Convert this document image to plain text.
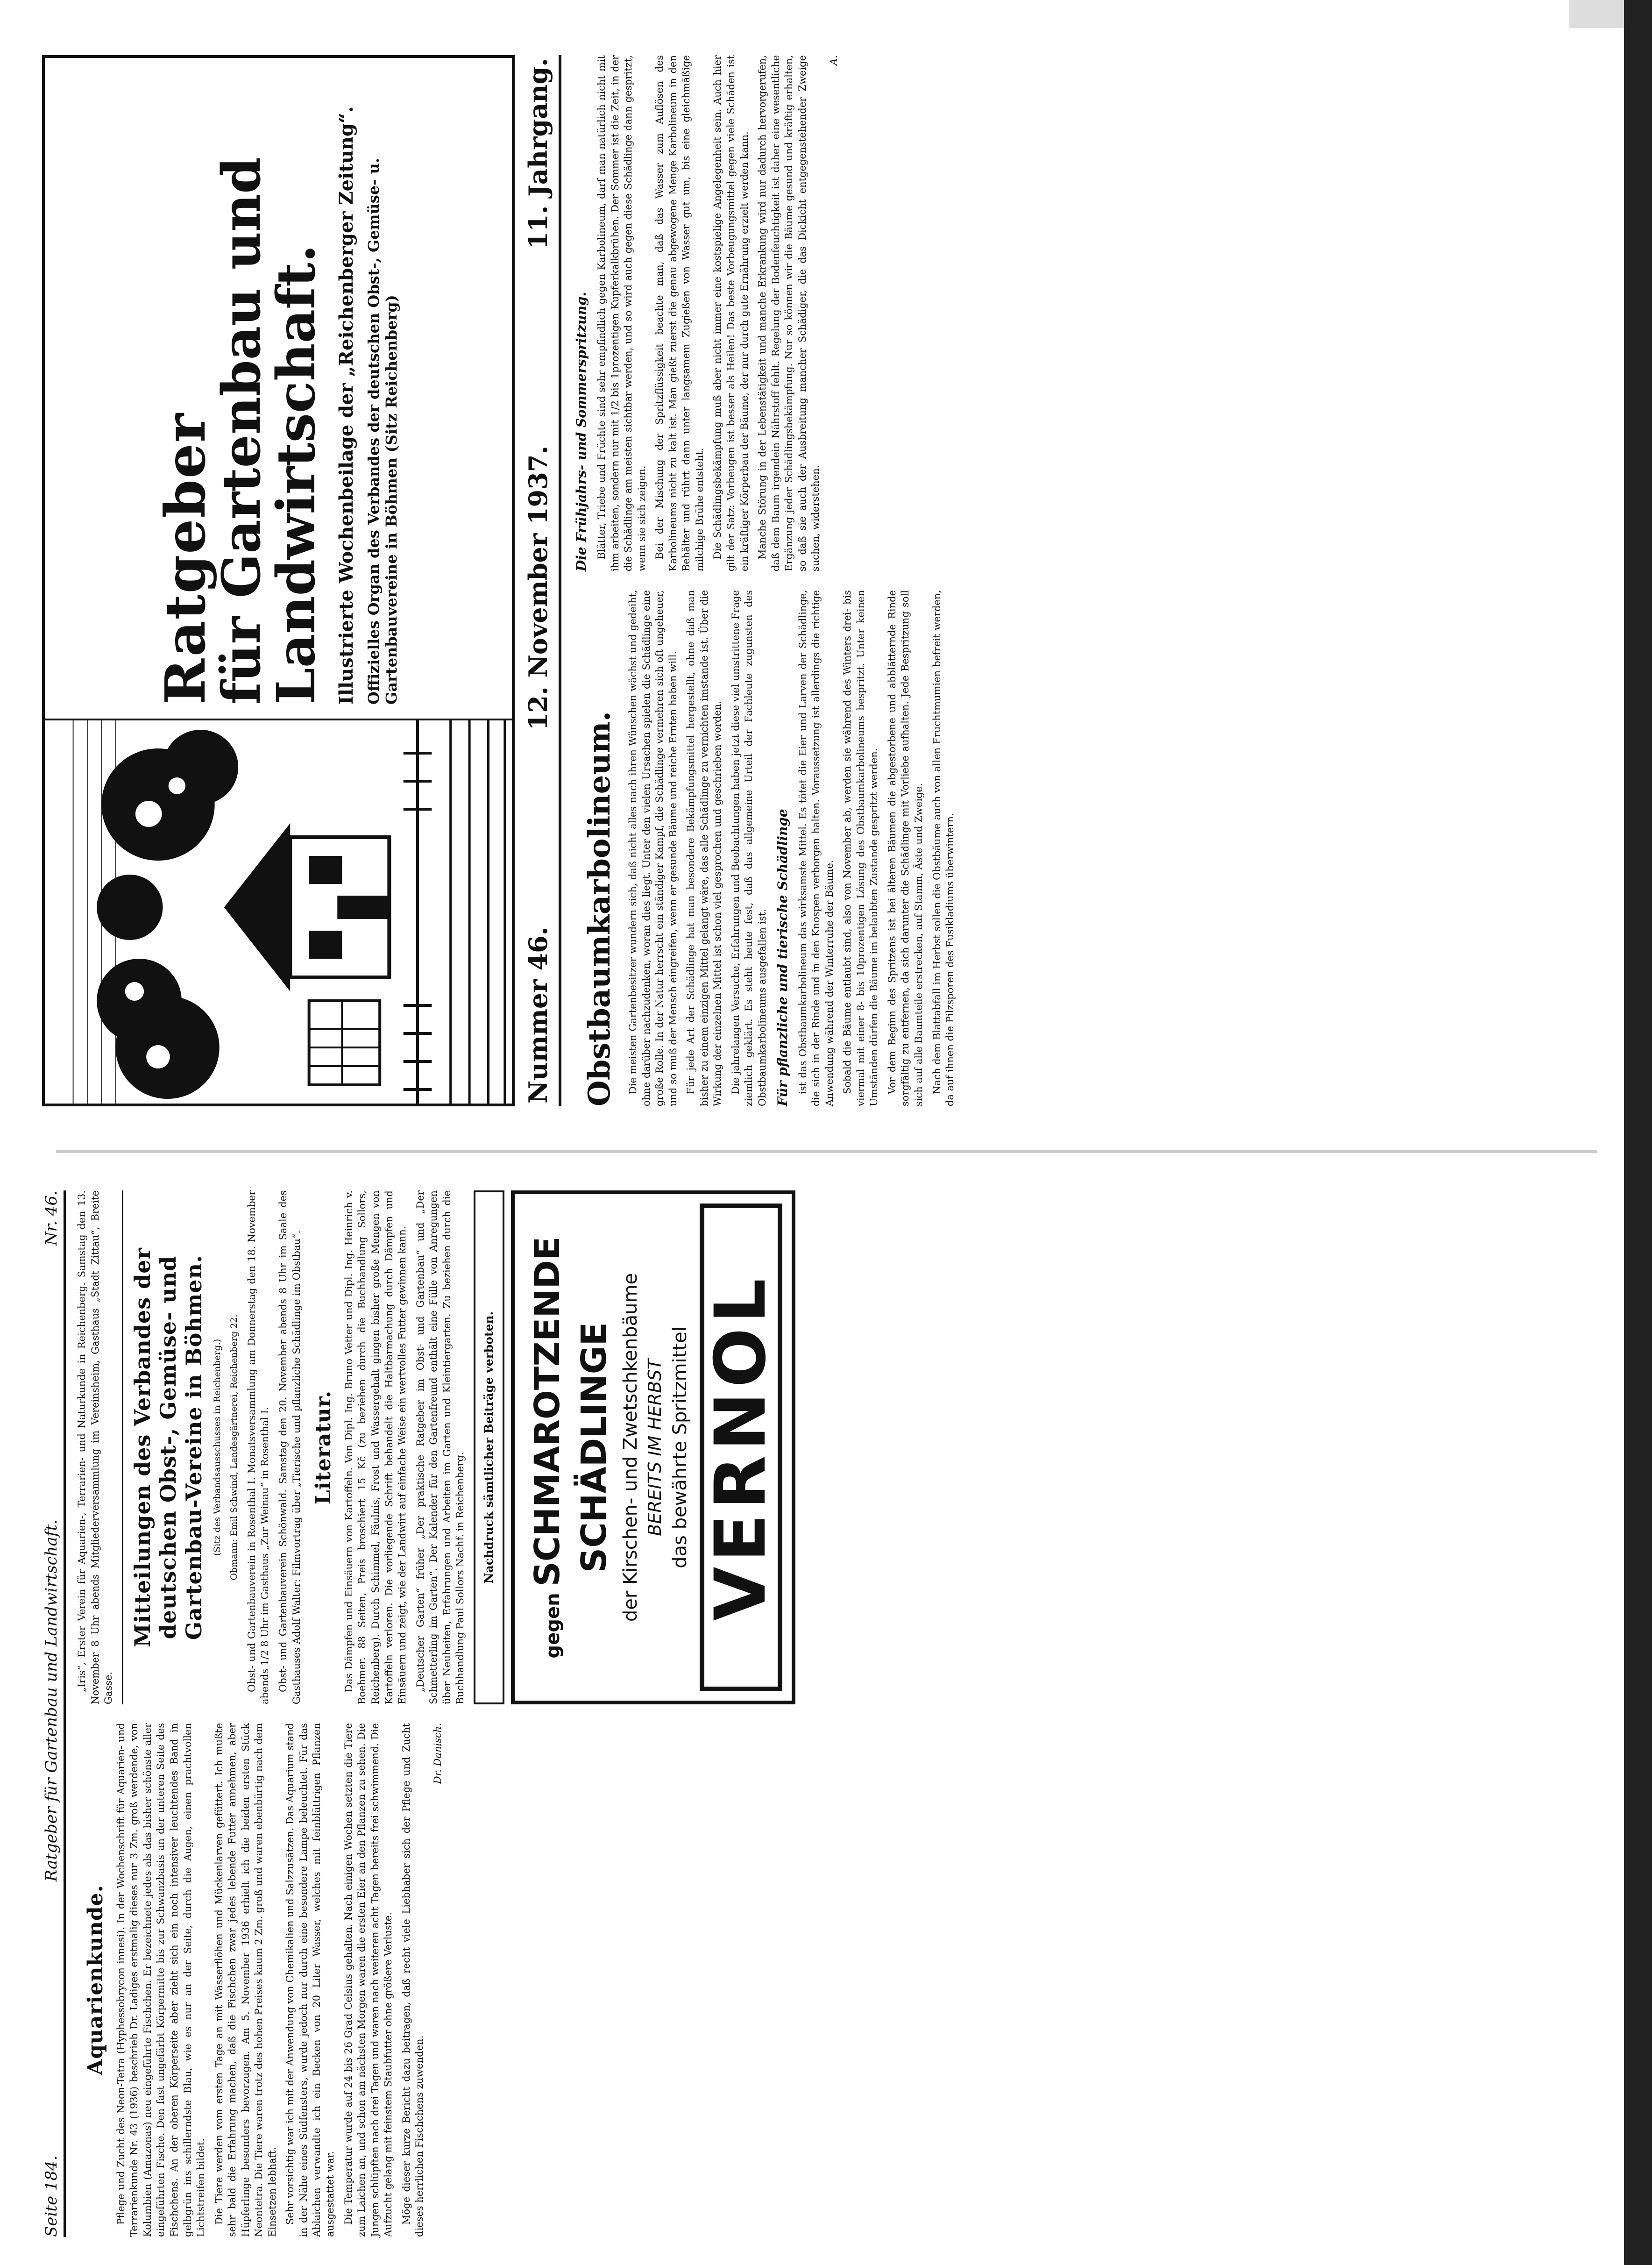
Seite 184.
Ratgeber für Gartenbau und Landwirtschaft.
Nr. 46.
Aquarienkunde. Pflege und Zucht des Neon-Tetra (Hyphessobrycon innesi). In der Wochenschrift für Aquarien- und Terrarienkunde Nr. 43 (1936) beschrieb Dr. Ladiges erstmalig dieses nur 3 Zm. groß werdende, von Kolumbien (Amazonas) neu eingeführte Fischchen. Er bezeichnete jedes als das bisher schönste aller eingeführten Fische. Den fast ungefärbt Körpermitte bis zur Schwanzbasis an der unteren Seite des Fischchens. An der oberen Körperseite aber zieht sich ein noch intensiver leuchtendes Band in gelbgrün ins schillerndste Blau, wie es nur an der Seite, durch die Augen, einen prachtvollen Lichtstreifen bildet. Die Tiere werden vom ersten Tage an mit Wasserflöhen und Mückenlarven gefüttert. Ich mußte sehr bald die Erfahrung machen, daß die Fischchen zwar jedes lebende Futter annehmen, aber Hüpferlinge besonders bevorzugen. Am 5. November 1936 erhielt ich die beiden ersten Stück Neontetra. Die Tiere waren trotz des hohen Preises kaum 2 Zm. groß und waren ebenbürtig nach dem Einsetzen lebhaft. Sehr vorsichtig war ich mit der Anwendung von Chemikalien und Salzzusätzen. Das Aquarium stand in der Nähe eines Südfensters, wurde jedoch nur durch eine besondere Lampe beleuchtet. Für das Ablaichen verwandte ich ein Becken von 20 Liter Wasser, welches mit feinblättrigen Pflanzen ausgestattet war. Die Temperatur wurde auf 24 bis 26 Grad Celsius gehalten. Nach einigen Wochen setzten die Tiere zum Laichen an, und schon am nächsten Morgen waren die ersten Eier an den Pflanzen zu sehen. Die Jungen schlüpften nach drei Tagen und waren nach weiteren acht Tagen bereits frei schwimmend. Die Aufzucht gelang mit feinstem Staubfutter ohne größere Verluste. Möge dieser kurze Bericht dazu beitragen, daß recht viele Liebhaber sich der Pflege und Zucht dieses herrlichen Fischchens zuwenden.

Dr. Danisch.

„Iris“, Erster Verein für Aquarien-, Terrarien- und Naturkunde in Reichenberg. Samstag den 13. November 8 Uhr abends Mitgliederversammlung im Vereinsheim, Gasthaus „Stadt Zittau“, Breite Gasse.

Mitteilungen des Verbandes der deutschen Obst-, Gemüse- und Gartenbau-Vereine in Böhmen. (Sitz des Verbandsausschusses in Reichenberg.) Obmann: Emil Schwind, Landesgärtnerei, Reichenberg 22. Obst- und Gartenbauverein in Rosenthal I. Monatsversammlung am Donnerstag den 18. November abends 1/2 8 Uhr im Gasthaus „Zur Weinau“ in Rosenthal I. Obst- und Gartenbauverein Schönwald. Samstag den 20. November abends 8 Uhr im Saale des Gasthauses Adolf Walter: Filmvortrag über „Tierische und pflanzliche Schädlinge im Obstbau“. Literatur. Das Dämpfen und Einsäuern von Kartoffeln. Von Dipl. Ing. Bruno Vetter und Dipl. Ing. Heinrich v. Boehmer. 88 Seiten, Preis broschiert 15 Kč (zu beziehen durch die Buchhandlung Sollors, Reichenberg). Durch Schimmel, Fäulnis, Frost und Wassergehalt gingen bisher große Mengen von Kartoffeln verloren. Die vorliegende Schrift behandelt die Haltbarmachung durch Dämpfen und Einsäuern und zeigt, wie der Landwirt auf einfache Weise ein wertvolles Futter gewinnen kann. „Deutscher Garten“ früher „Der praktische Ratgeber im Obst- und Gartenbau“ und „Der Schmetterling im Garten“. Der Kalender für den Gartenfreund enthält eine Fülle von Anregungen über Neuheiten, Erfahrungen und Arbeiten im Garten und Kleintiergarten. Zu beziehen durch die Buchhandlung Paul Sollors Nachf. in Reichenberg.	Nachdruck sämtlicher Beiträge verboten.
gegen SCHMAROTZENDE SCHÄDLINGE der Kirschen- und Zwetschkenbäume BEREITS IM HERBST das bewährte Spritzmittel VERNOL
Ratgeber
für Gartenbau und Landwirtschaft. Illustrierte Wochenbeilage der „Reichenberger Zeitung“. Offizielles Organ des Verbandes der deutschen Obst-, Gemüse- u. Gartenbauvereine in Böhmen (Sitz Reichenberg)
Nummer 46.
12. November 1937.
11. Jahrgang.
Obstbaumkarbolineum. Die meisten Gartenbesitzer wundern sich, daß nicht alles nach ihren Wünschen wächst und gedeiht, ohne darüber nachzudenken, woran dies liegt. Unter den vielen Ursachen spielen die Schädlinge eine große Rolle. In der Natur herrscht ein ständiger Kampf, die Schädlinge vermehren sich oft ungeheuer, und so muß der Mensch eingreifen, wenn er gesunde Bäume und reiche Ernten haben will. Für jede Art der Schädlinge hat man besondere Bekämpfungsmittel hergestellt, ohne daß man bisher zu einem einzigen Mittel gelangt wäre, das alle Schädlinge zu vernichten imstande ist. Über die Wirkung der einzelnen Mittel ist schon viel gesprochen und geschrieben worden. Die jahrelangen Versuche, Erfahrungen und Beobachtungen haben jetzt diese viel umstrittene Frage ziemlich geklärt. Es steht heute fest, daß das allgemeine Urteil der Fachleute zugunsten des Obstbaumkarbolineums ausgefallen ist. Für pflanzliche und tierische Schädlinge ist das Obstbaumkarbolineum das wirksamste Mittel. Es tötet die Eier und Larven der Schädlinge, die sich in der Rinde und in den Knospen verborgen halten. Voraussetzung ist allerdings die richtige Anwendung während der Winterruhe der Bäume. Sobald die Bäume entlaubt sind, also von November ab, werden sie während des Winters drei- bis viermal mit einer 8- bis 10prozentigen Lösung des Obstbaumkarbolineums bespritzt. Unter keinen Umständen dürfen die Bäume im belaubten Zustande gespritzt werden. Vor dem Beginn des Spritzens ist bei älteren Bäumen die abgestorbene und abblätternde Rinde sorgfältig zu entfernen, da sich darunter die Schädlinge mit Vorliebe aufhalten. Jede Bespritzung soll sich auf alle Baumteile erstrecken, auf Stamm, Äste und Zweige. Nach dem Blattabfall im Herbst sollen die Obstbäume auch von allen Fruchtmumien befreit werden, da auf ihnen die Pilzsporen des Fusikladiums überwintern.

Die Frühjahrs- und Sommerspritzung. Blätter, Triebe und Früchte sind sehr empfindlich gegen Karbolineum, darf man natürlich nicht mit ihm arbeiten, sondern nur mit 1/2 bis 1prozentigen Kupferkalkbrühen. Der Sommer ist die Zeit, in der die Schädlinge am meisten sichtbar werden, und so wird auch gegen diese Schädlinge dann gespritzt, wenn sie sich zeigen. Bei der Mischung der Spritzflüssigkeit beachte man, daß das Wasser zum Auflösen des Karbolineums nicht zu kalt ist. Man gießt zuerst die genau abgewogene Menge Karbolineum in den Behälter und rührt dann unter langsamem Zugießen von Wasser gut um, bis eine gleichmäßige milchige Brühe entsteht. Die Schädlingsbekämpfung muß aber nicht immer eine kostspielige Angelegenheit sein. Auch hier gilt der Satz: Vorbeugen ist besser als Heilen! Das beste Vorbeugungsmittel gegen viele Schäden ist ein kräftiger Körperbau der Bäume, der nur durch gute Ernährung erzielt werden kann. Manche Störung in der Lebenstätigkeit und manche Erkrankung wird nur dadurch hervorgerufen, daß dem Baum irgendein Nährstoff fehlt. Regelung der Bodenfeuchtigkeit ist daher eine wesentliche Ergänzung jeder Schädlingsbekämpfung. Nur so können wir die Bäume gesund und kräftig erhalten, so daß sie auch der Ausbreitung mancher Schädiger, die das Dickicht entgegenstehender Zweige suchen, widerstehen.

A.
